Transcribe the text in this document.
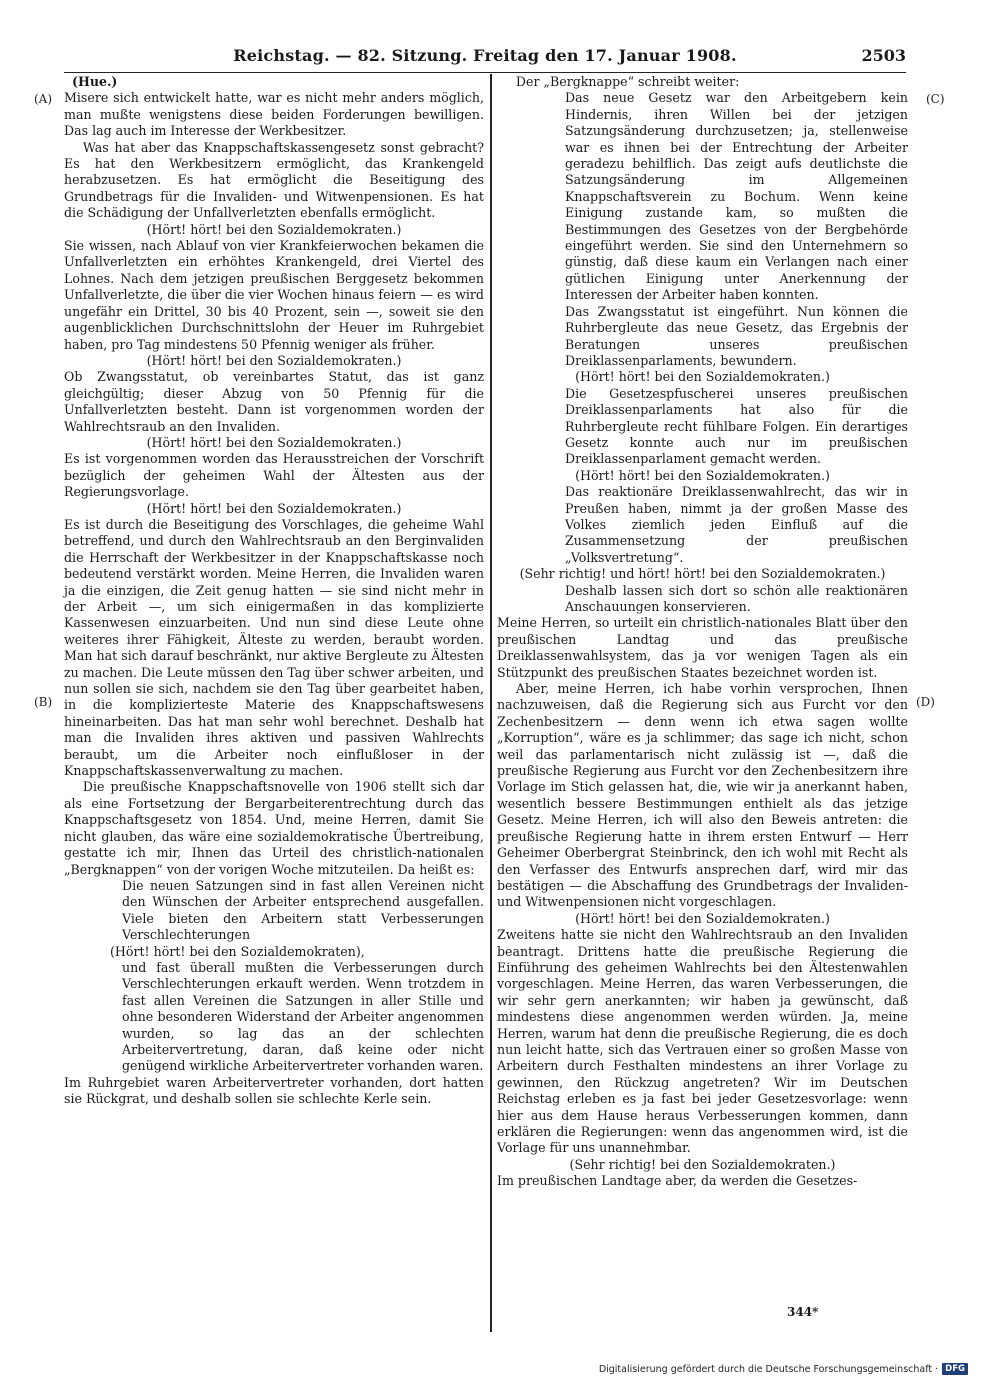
Reichstag. — 82. Sitzung. Freitag den 17. Januar 1908.	2503
(A)
(B)
(C)
(D)

(Hue.)

Misere sich entwickelt hatte, war es nicht mehr anders möglich, man mußte wenigstens diese beiden Forderungen bewilligen. Das lag auch im Interesse der Werkbesitzer.

Was hat aber das Knappschaftskassengesetz sonst gebracht? Es hat den Werkbesitzern ermöglicht, das Krankengeld herabzusetzen. Es hat ermöglicht die Beseitigung des Grundbetrags für die Invaliden- und Witwenpensionen. Es hat die Schädigung der Unfallverletzten ebenfalls ermöglicht.

(Hört! hört! bei den Sozialdemokraten.)

Sie wissen, nach Ablauf von vier Krankfeierwochen bekamen die Unfallverletzten ein erhöhtes Krankengeld, drei Viertel des Lohnes. Nach dem jetzigen preußischen Berggesetz bekommen Unfallverletzte, die über die vier Wochen hinaus feiern — es wird ungefähr ein Drittel, 30 bis 40 Prozent, sein —, soweit sie den augenblicklichen Durchschnittslohn der Heuer im Ruhrgebiet haben, pro Tag mindestens 50 Pfennig weniger als früher.

(Hört! hört! bei den Sozialdemokraten.)

Ob Zwangsstatut, ob vereinbartes Statut, das ist ganz gleichgültig; dieser Abzug von 50 Pfennig für die Unfallverletzten besteht. Dann ist vorgenommen worden der Wahlrechtsraub an den Invaliden.

(Hört! hört! bei den Sozialdemokraten.)

Es ist vorgenommen worden das Herausstreichen der Vorschrift bezüglich der geheimen Wahl der Ältesten aus der Regierungsvorlage.

(Hört! hört! bei den Sozialdemokraten.)

Es ist durch die Beseitigung des Vorschlages, die geheime Wahl betreffend, und durch den Wahlrechtsraub an den Berginvaliden die Herrschaft der Werkbesitzer in der Knappschaftskasse noch bedeutend verstärkt worden. Meine Herren, die Invaliden waren ja die einzigen, die Zeit genug hatten — sie sind nicht mehr in der Arbeit —, um sich einigermaßen in das komplizierte Kassenwesen einzuarbeiten. Und nun sind diese Leute ohne weiteres ihrer Fähigkeit, Älteste zu werden, beraubt worden. Man hat sich darauf beschränkt, nur aktive Bergleute zu Ältesten zu machen. Die Leute müssen den Tag über schwer arbeiten, und nun sollen sie sich, nachdem sie den Tag über gearbeitet haben, in die komplizierteste Materie des Knappschaftswesens hineinarbeiten. Das hat man sehr wohl berechnet. Deshalb hat man die Invaliden ihres aktiven und passiven Wahlrechts beraubt, um die Arbeiter noch einflußloser in der Knappschaftskassenverwaltung zu machen.

Die preußische Knappschaftsnovelle von 1906 stellt sich dar als eine Fortsetzung der Bergarbeiterentrechtung durch das Knappschaftsgesetz von 1854. Und, meine Herren, damit Sie nicht glauben, das wäre eine sozialdemokratische Übertreibung, gestatte ich mir, Ihnen das Urteil des christlich-nationalen „Bergknappen“ von der vorigen Woche mitzuteilen. Da heißt es:

Die neuen Satzungen sind in fast allen Vereinen nicht den Wünschen der Arbeiter entsprechend ausgefallen. Viele bieten den Arbeitern statt Verbesserungen Verschlechterungen

(Hört! hört! bei den Sozialdemokraten),

und fast überall mußten die Verbesserungen durch Verschlechterungen erkauft werden. Wenn trotzdem in fast allen Vereinen die Satzungen in aller Stille und ohne besonderen Widerstand der Arbeiter angenommen wurden, so lag das an der schlechten Arbeitervertretung, daran, daß keine oder nicht genügend wirkliche Arbeitervertreter vorhanden waren.

Im Ruhrgebiet waren Arbeitervertreter vorhanden, dort hatten sie Rückgrat, und deshalb sollen sie schlechte Kerle sein.

Der „Bergknappe“ schreibt weiter:

Das neue Gesetz war den Arbeitgebern kein Hindernis, ihren Willen bei der jetzigen Satzungsänderung durchzusetzen; ja, stellenweise war es ihnen bei der Entrechtung der Arbeiter geradezu behilflich. Das zeigt aufs deutlichste die Satzungsänderung im Allgemeinen Knappschaftsverein zu Bochum. Wenn keine Einigung zustande kam, so mußten die Bestimmungen des Gesetzes von der Bergbehörde eingeführt werden. Sie sind den Unternehmern so günstig, daß diese kaum ein Verlangen nach einer gütlichen Einigung unter Anerkennung der Interessen der Arbeiter haben konnten.

Das Zwangsstatut ist eingeführt. Nun können die Ruhrbergleute das neue Gesetz, das Ergebnis der Beratungen unseres preußischen Dreiklassenparlaments, bewundern.

(Hört! hört! bei den Sozialdemokraten.)

Die Gesetzespfuscherei unseres preußischen Dreiklassenparlaments hat also für die Ruhrbergleute recht fühlbare Folgen. Ein derartiges Gesetz konnte auch nur im preußischen Dreiklassenparlament gemacht werden.

(Hört! hört! bei den Sozialdemokraten.)

Das reaktionäre Dreiklassenwahlrecht, das wir in Preußen haben, nimmt ja der großen Masse des Volkes ziemlich jeden Einfluß auf die Zusammensetzung der preußischen „Volksvertretung“.

(Sehr richtig! und hört! hört! bei den Sozialdemokraten.)

Deshalb lassen sich dort so schön alle reaktionären Anschauungen konservieren.

Meine Herren, so urteilt ein christlich-nationales Blatt über den preußischen Landtag und das preußische Dreiklassenwahlsystem, das ja vor wenigen Tagen als ein Stützpunkt des preußischen Staates bezeichnet worden ist.

Aber, meine Herren, ich habe vorhin versprochen, Ihnen nachzuweisen, daß die Regierung sich aus Furcht vor den Zechenbesitzern — denn wenn ich etwa sagen wollte „Korruption“, wäre es ja schlimmer; das sage ich nicht, schon weil das parlamentarisch nicht zulässig ist —, daß die preußische Regierung aus Furcht vor den Zechenbesitzern ihre Vorlage im Stich gelassen hat, die, wie wir ja anerkannt haben, wesentlich bessere Bestimmungen enthielt als das jetzige Gesetz. Meine Herren, ich will also den Beweis antreten: die preußische Regierung hatte in ihrem ersten Entwurf — Herr Geheimer Oberbergrat Steinbrinck, den ich wohl mit Recht als den Verfasser des Entwurfs ansprechen darf, wird mir das bestätigen — die Abschaffung des Grundbetrags der Invaliden- und Witwenpensionen nicht vorgeschlagen.

(Hört! hört! bei den Sozialdemokraten.)

Zweitens hatte sie nicht den Wahlrechtsraub an den Invaliden beantragt. Drittens hatte die preußische Regierung die Einführung des geheimen Wahlrechts bei den Ältestenwahlen vorgeschlagen. Meine Herren, das waren Verbesserungen, die wir sehr gern anerkannten; wir haben ja gewünscht, daß mindestens diese angenommen werden würden. Ja, meine Herren, warum hat denn die preußische Regierung, die es doch nun leicht hatte, sich das Vertrauen einer so großen Masse von Arbeitern durch Festhalten mindestens an ihrer Vorlage zu gewinnen, den Rückzug angetreten? Wir im Deutschen Reichstag erleben es ja fast bei jeder Gesetzesvorlage: wenn hier aus dem Hause heraus Verbesserungen kommen, dann erklären die Regierungen: wenn das angenommen wird, ist die Vorlage für uns unannehmbar.

(Sehr richtig! bei den Sozialdemokraten.)

Im preußischen Landtage aber, da werden die Gesetzes-

344*
Digitalisierung gefördert durch die Deutsche Forschungsgemeinschaft · DFG
